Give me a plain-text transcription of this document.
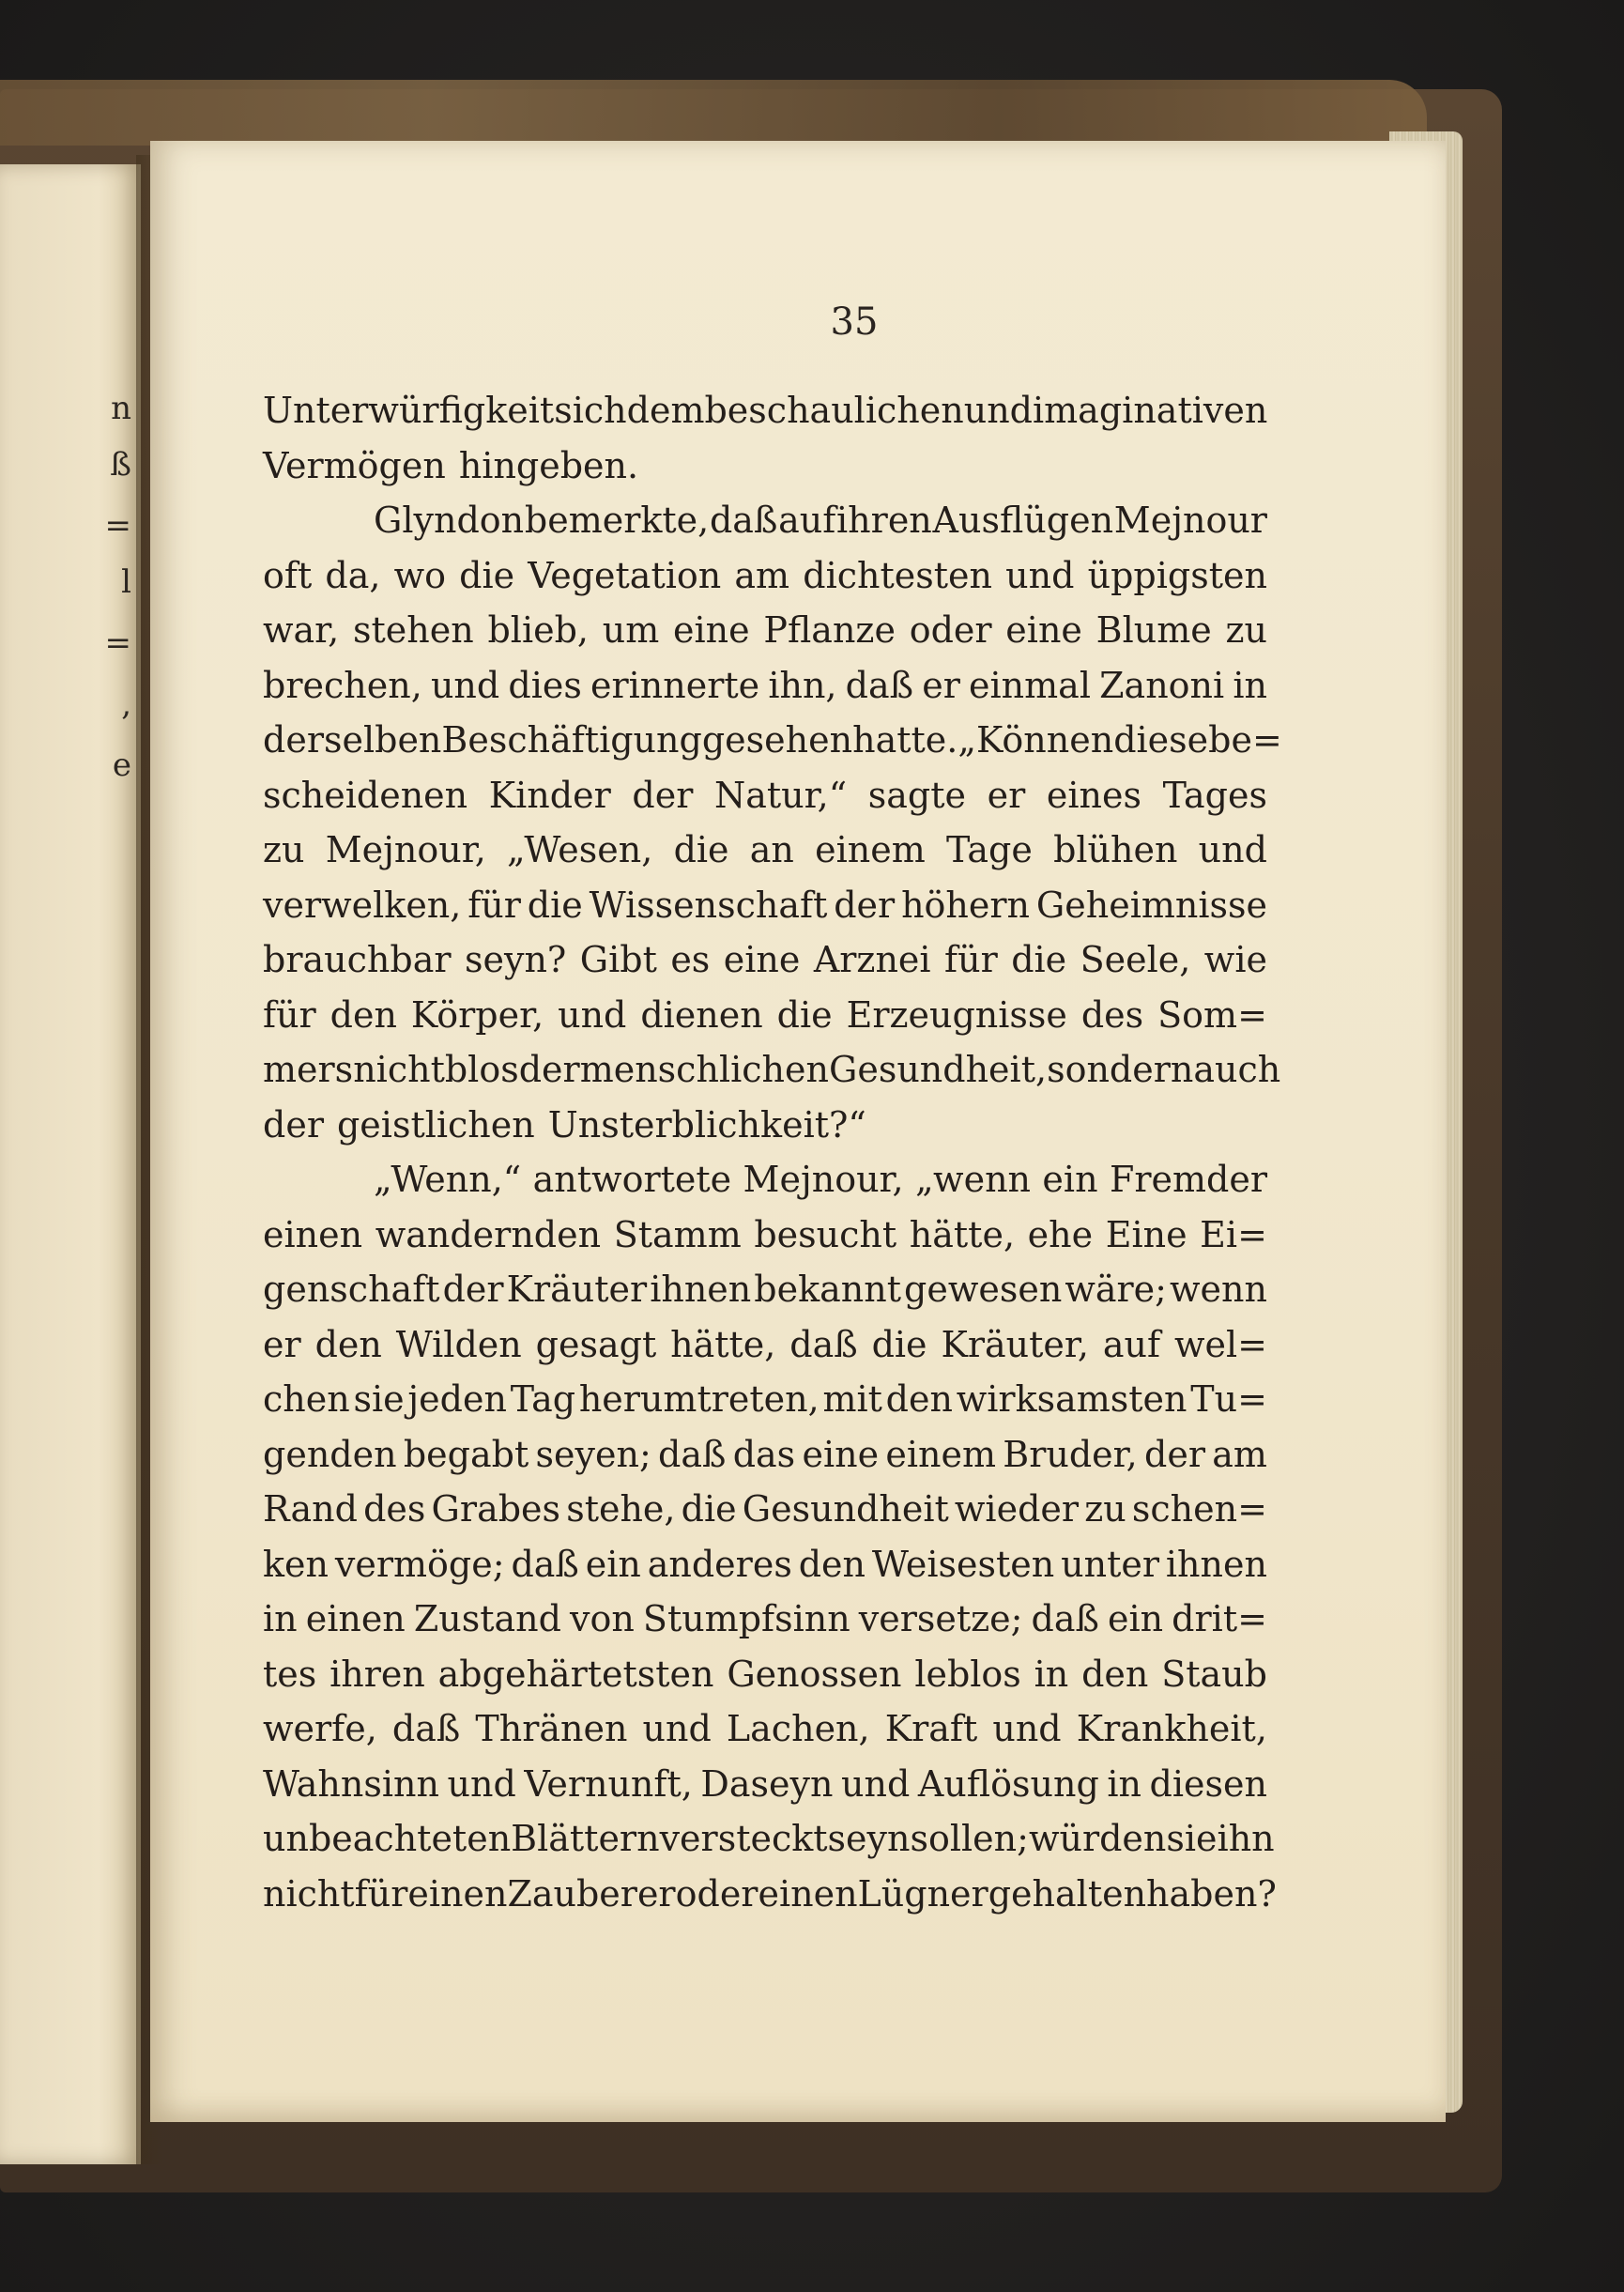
n
ß
=
l
=
,
e
35
Unterwürfigkeit sich dem beschaulichen und imaginativen
Vermögen hingeben.
Glyndon bemerkte, daß auf ihren Ausflügen Mejnour
oft da, wo die Vegetation am dichtesten und üppigsten
war, stehen blieb, um eine Pflanze oder eine Blume zu
brechen, und dies erinnerte ihn, daß er einmal Zanoni in
derselben Beschäftigung gesehen hatte. „Können diese be=
scheidenen Kinder der Natur,“ sagte er eines Tages
zu Mejnour, „Wesen, die an einem Tage blühen und
verwelken, für die Wissenschaft der höhern Geheimnisse
brauchbar seyn? Gibt es eine Arznei für die Seele, wie
für den Körper, und dienen die Erzeugnisse des Som=
mers nicht blos der menschlichen Gesundheit, sondern auch
der geistlichen Unsterblichkeit?“
„Wenn,“ antwortete Mejnour, „wenn ein Fremder
einen wandernden Stamm besucht hätte, ehe Eine Ei=
genschaft der Kräuter ihnen bekannt gewesen wäre; wenn
er den Wilden gesagt hätte, daß die Kräuter, auf wel=
chen sie jeden Tag herumtreten, mit den wirksamsten Tu=
genden begabt seyen; daß das eine einem Bruder, der am
Rand des Grabes stehe, die Gesundheit wieder zu schen=
ken vermöge; daß ein anderes den Weisesten unter ihnen
in einen Zustand von Stumpfsinn versetze; daß ein drit=
tes ihren abgehärtetsten Genossen leblos in den Staub
werfe, daß Thränen und Lachen, Kraft und Krankheit,
Wahnsinn und Vernunft, Daseyn und Auflösung in diesen
unbeachteten Blättern versteckt seyn sollen; würden sie ihn
nicht für einen Zauberer oder einen Lügner gehalten haben?
